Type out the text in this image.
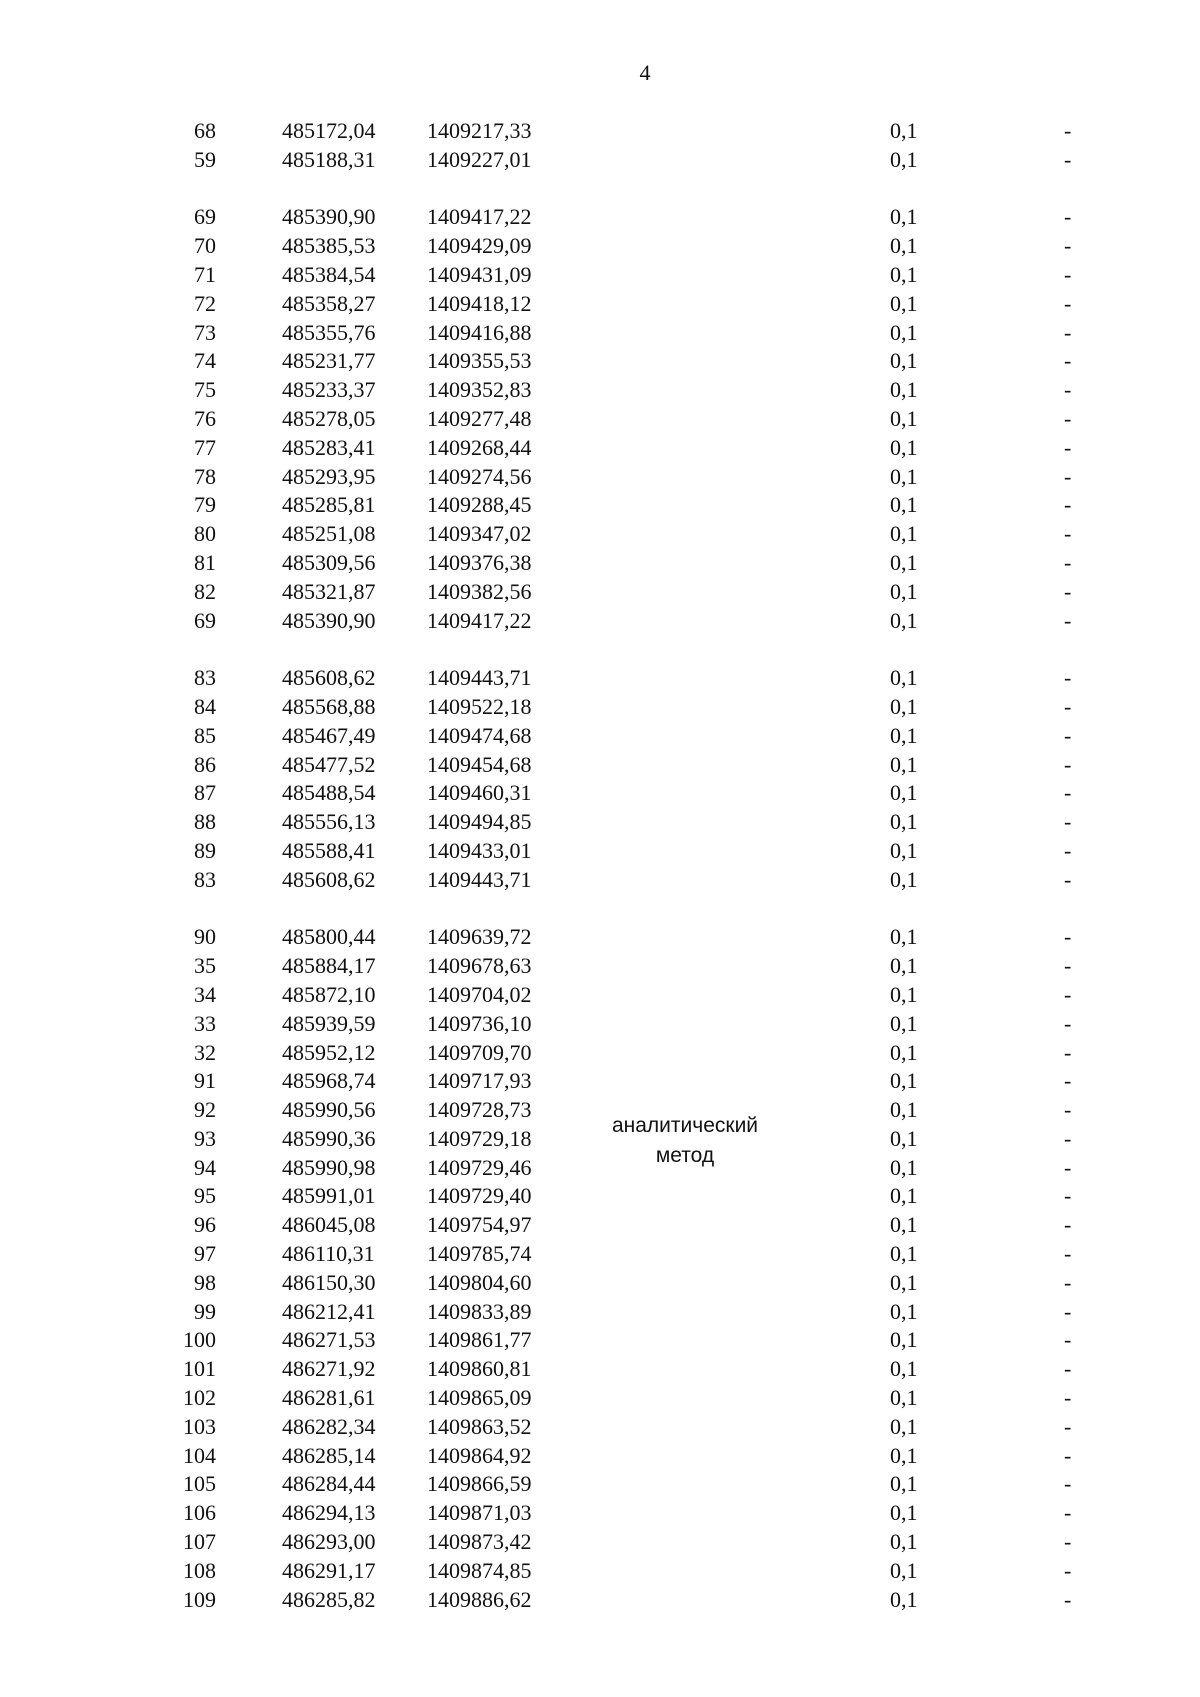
4
68	485172,04 1409217,33	0,1	-
59	485188,31 1409227,01	0,1	-
69	485390,90 1409417,22	0,1	-
70	485385,53 1409429,09	0,1	-
71	485384,54 1409431,09	0,1	-
72	485358,27 1409418,12	0,1	-
73	485355,76 1409416,88	0,1	-
74	485231,77 1409355,53	0,1	-
75	485233,37 1409352,83	0,1	-
76	485278,05 1409277,48	0,1	-
77	485283,41 1409268,44	0,1	-
78	485293,95 1409274,56	0,1	-
79	485285,81 1409288,45	0,1	-
80	485251,08 1409347,02	0,1	-
81	485309,56 1409376,38	0,1	-
82	485321,87 1409382,56	0,1	-
69	485390,90 1409417,22	0,1	-
83	485608,62 1409443,71	0,1	-
84	485568,88 1409522,18	0,1	-
85	485467,49 1409474,68	0,1	-
86	485477,52 1409454,68	0,1	-
87	485488,54 1409460,31	0,1	-
88	485556,13 1409494,85	0,1	-
89	485588,41 1409433,01	0,1	-
83	485608,62 1409443,71	0,1	-
90	485800,44 1409639,72	0,1	-
35	485884,17 1409678,63	0,1	-
34	485872,10 1409704,02	0,1	-
33	485939,59 1409736,10	0,1	-
32	485952,12 1409709,70	0,1	-
91	485968,74 1409717,93	0,1	-
92	485990,56 1409728,73	0,1	-
93	485990,36 1409729,18	0,1	-
94	485990,98 1409729,46	0,1	-
95	485991,01 1409729,40	0,1	-
96	486045,08 1409754,97	0,1	-
97	486110,31 1409785,74	0,1	-
98	486150,30 1409804,60	0,1	-
99	486212,41 1409833,89	0,1	-
100	486271,53 1409861,77	0,1	-
101	486271,92 1409860,81	0,1	-
102	486281,61 1409865,09	0,1	-
103	486282,34 1409863,52	0,1	-
104	486285,14 1409864,92	0,1	-
105	486284,44 1409866,59	0,1	-
106	486294,13 1409871,03	0,1	-
107	486293,00 1409873,42	0,1	-
108	486291,17 1409874,85	0,1	-
109	486285,82 1409886,62	0,1	-
аналитический
метод
